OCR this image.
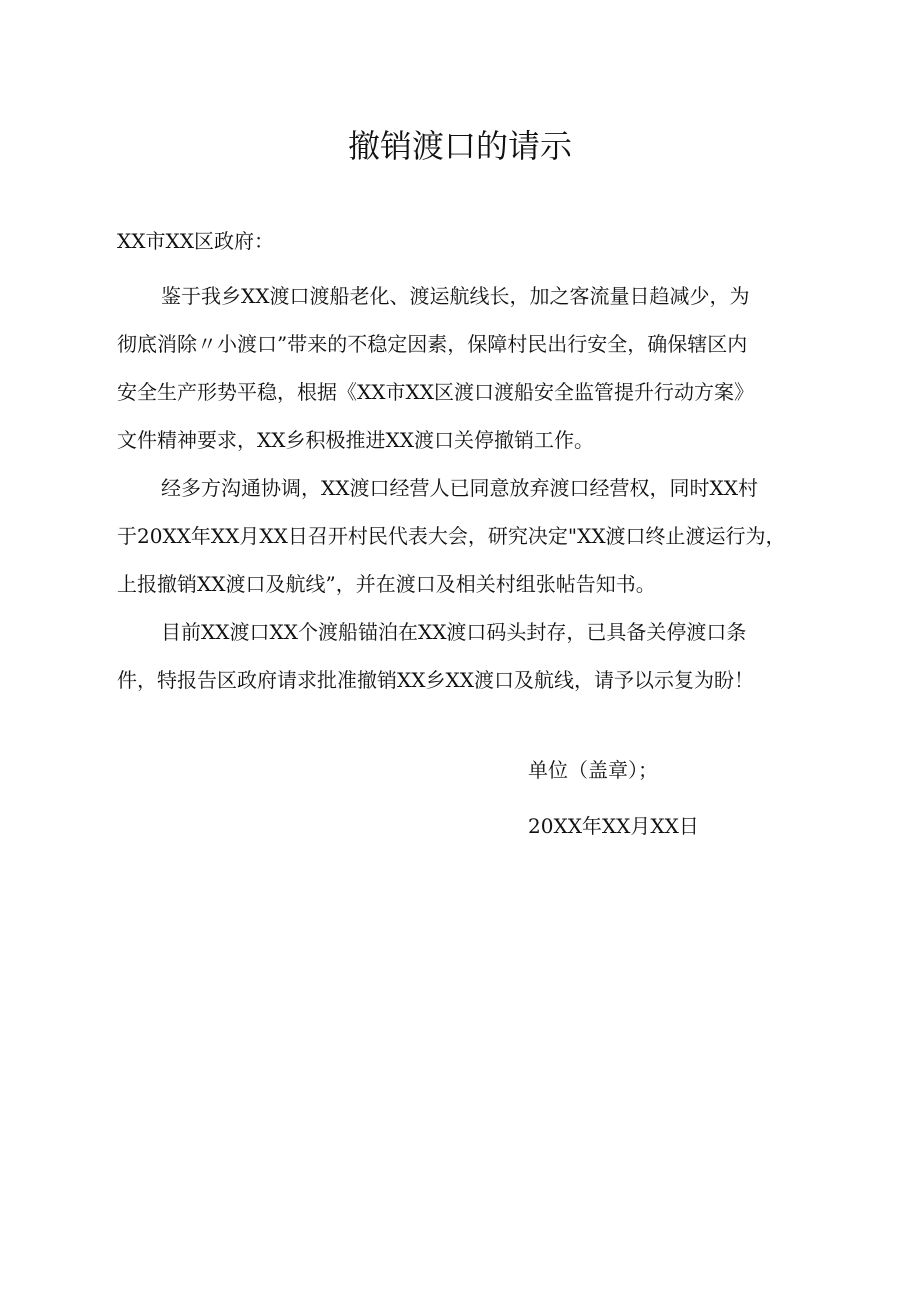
撤销渡口的请示
XX市XX区政府：
鉴于我乡XX渡口渡船老化、渡运航线长，加之客流量日趋减少，为
彻底消除〃小渡口”带来的不稳定因素，保障村民出行安全，确保辖区内
安全生产形势平稳，根据《XX市XX区渡口渡船安全监管提升行动方案》
文件精神要求，XX乡积极推进XX渡口关停撤销工作。
经多方沟通协调，XX渡口经营人已同意放弃渡口经营权，同时XX村
于20XX年XX月XX日召开村民代表大会，研究决定"XX渡口终止渡运行为，
上报撤销XX渡口及航线”，并在渡口及相关村组张帖告知书。
目前XX渡口XX个渡船锚泊在XX渡口码头封存，已具备关停渡口条
件，特报告区政府请求批准撤销XX乡XX渡口及航线，请予以示复为盼！
单位（盖章）；
20XX年XX月XX日
